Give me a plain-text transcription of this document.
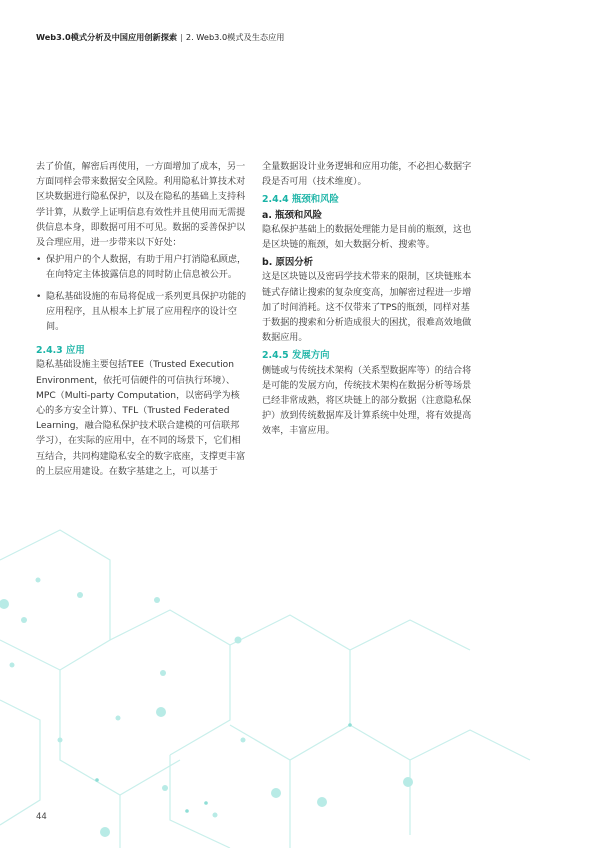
Web3.0模式分析及中国应用创新探索 | 2. Web3.0模式及生态应用

去了价值，解密后再使用，一方面增加了成本，另一方面同样会带来数据安全风险。利用隐私计算技术对区块数据进行隐私保护，以及在隐私的基础上支持科学计算，从数学上证明信息有效性并且使用而无需提供信息本身，即数据可用不可见。数据的妥善保护以及合理应用，进一步带来以下好处：

• 保护用户的个人数据，有助于用户打消隐私顾虑，在向特定主体披露信息的同时防止信息被公开。
• 隐私基础设施的布局将促成一系列更具保护功能的应用程序，且从根本上扩展了应用程序的设计空间。

2.4.3 应用

隐私基础设施主要包括TEE（Trusted Execution Environment，依托可信硬件的可信执行环境）、MPC（Multi-party Computation，以密码学为核心的多方安全计算）、TFL（Trusted Federated Learning，融合隐私保护技术联合建模的可信联邦学习），在实际的应用中，在不同的场景下，它们相互结合，共同构建隐私安全的数字底座，支撑更丰富的上层应用建设。在数字基建之上，可以基于

全量数据设计业务逻辑和应用功能，不必担心数据字段是否可用（技术维度）。

2.4.4 瓶颈和风险

a. 瓶颈和风险

隐私保护基础上的数据处理能力是目前的瓶颈，这也是区块链的瓶颈，如大数据分析、搜索等。

b. 原因分析

这是区块链以及密码学技术带来的限制，区块链账本链式存储让搜索的复杂度变高，加解密过程进一步增加了时间消耗。这不仅带来了TPS的瓶颈，同样对基于数据的搜索和分析造成很大的困扰，很难高效地做数据应用。

2.4.5 发展方向

侧链或与传统技术架构（关系型数据库等）的结合将是可能的发展方向，传统技术架构在数据分析等场景已经非常成熟，将区块链上的部分数据（注意隐私保护）放到传统数据库及计算系统中处理，将有效提高效率，丰富应用。

44
